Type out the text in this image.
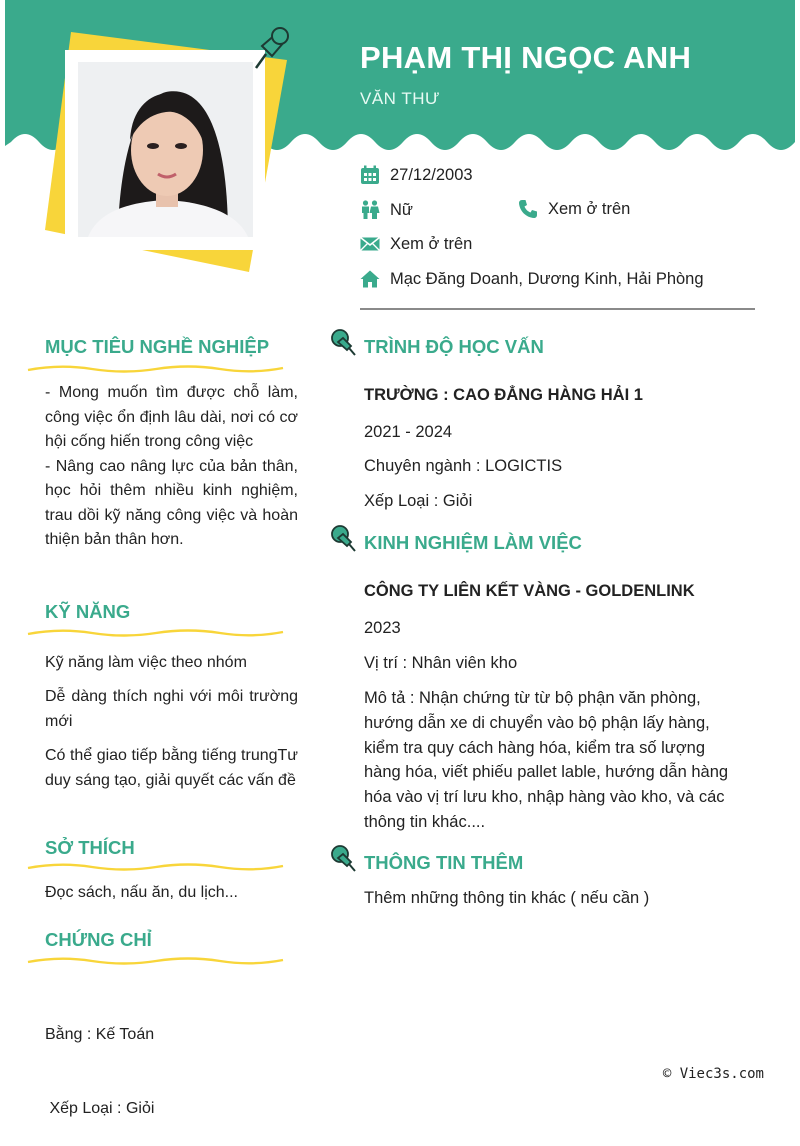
PHẠM THỊ NGỌC ANH
VĂN THƯ
27/12/2003
Nữ	Xem ở trên
Xem ở trên
Mạc Đăng Doanh, Dương Kinh, Hải Phòng
MỤC TIÊU NGHỀ NGHIỆP

- Mong muốn tìm được chỗ làm, công việc ổn định lâu dài, nơi có cơ hội cống hiến trong công việc

- Nâng cao nâng lực của bản thân, học hỏi thêm nhiều kinh nghiệm, trau dồi kỹ năng công việc và hoàn thiện bản thân hơn.

KỸ NĂNG
Kỹ năng làm việc theo nhóm
Dễ dàng thích nghi với môi trường mới
Có thể giao tiếp bằng tiếng trungTư duy sáng tạo, giải quyết các vấn đề
SỞ THÍCH
Đọc sách, nấu ăn, du lịch...
CHỨNG CHỈ

Bằng : Kế Toán

Xếp Loại : Giỏi

TRÌNH ĐỘ HỌC VẤN
TRƯỜNG : CAO ĐẲNG HÀNG HẢI 1
2021 - 2024
Chuyên ngành : LOGICTIS
Xếp Loại : Giỏi
KINH NGHIỆM LÀM VIỆC
CÔNG TY LIÊN KẾT VÀNG - GOLDENLINK
2023
Vị trí : Nhân viên kho
Mô tả : Nhận chứng từ từ bộ phận văn phòng, hướng dẫn xe di chuyển vào bộ phận lấy hàng, kiểm tra quy cách hàng hóa, kiểm tra số lượng hàng hóa, viết phiếu pallet lable, hướng dẫn hàng hóa vào vị trí lưu kho, nhập hàng vào kho, và các thông tin khác....
THÔNG TIN THÊM
Thêm những thông tin khác ( nếu cần )
© Viec3s.com
